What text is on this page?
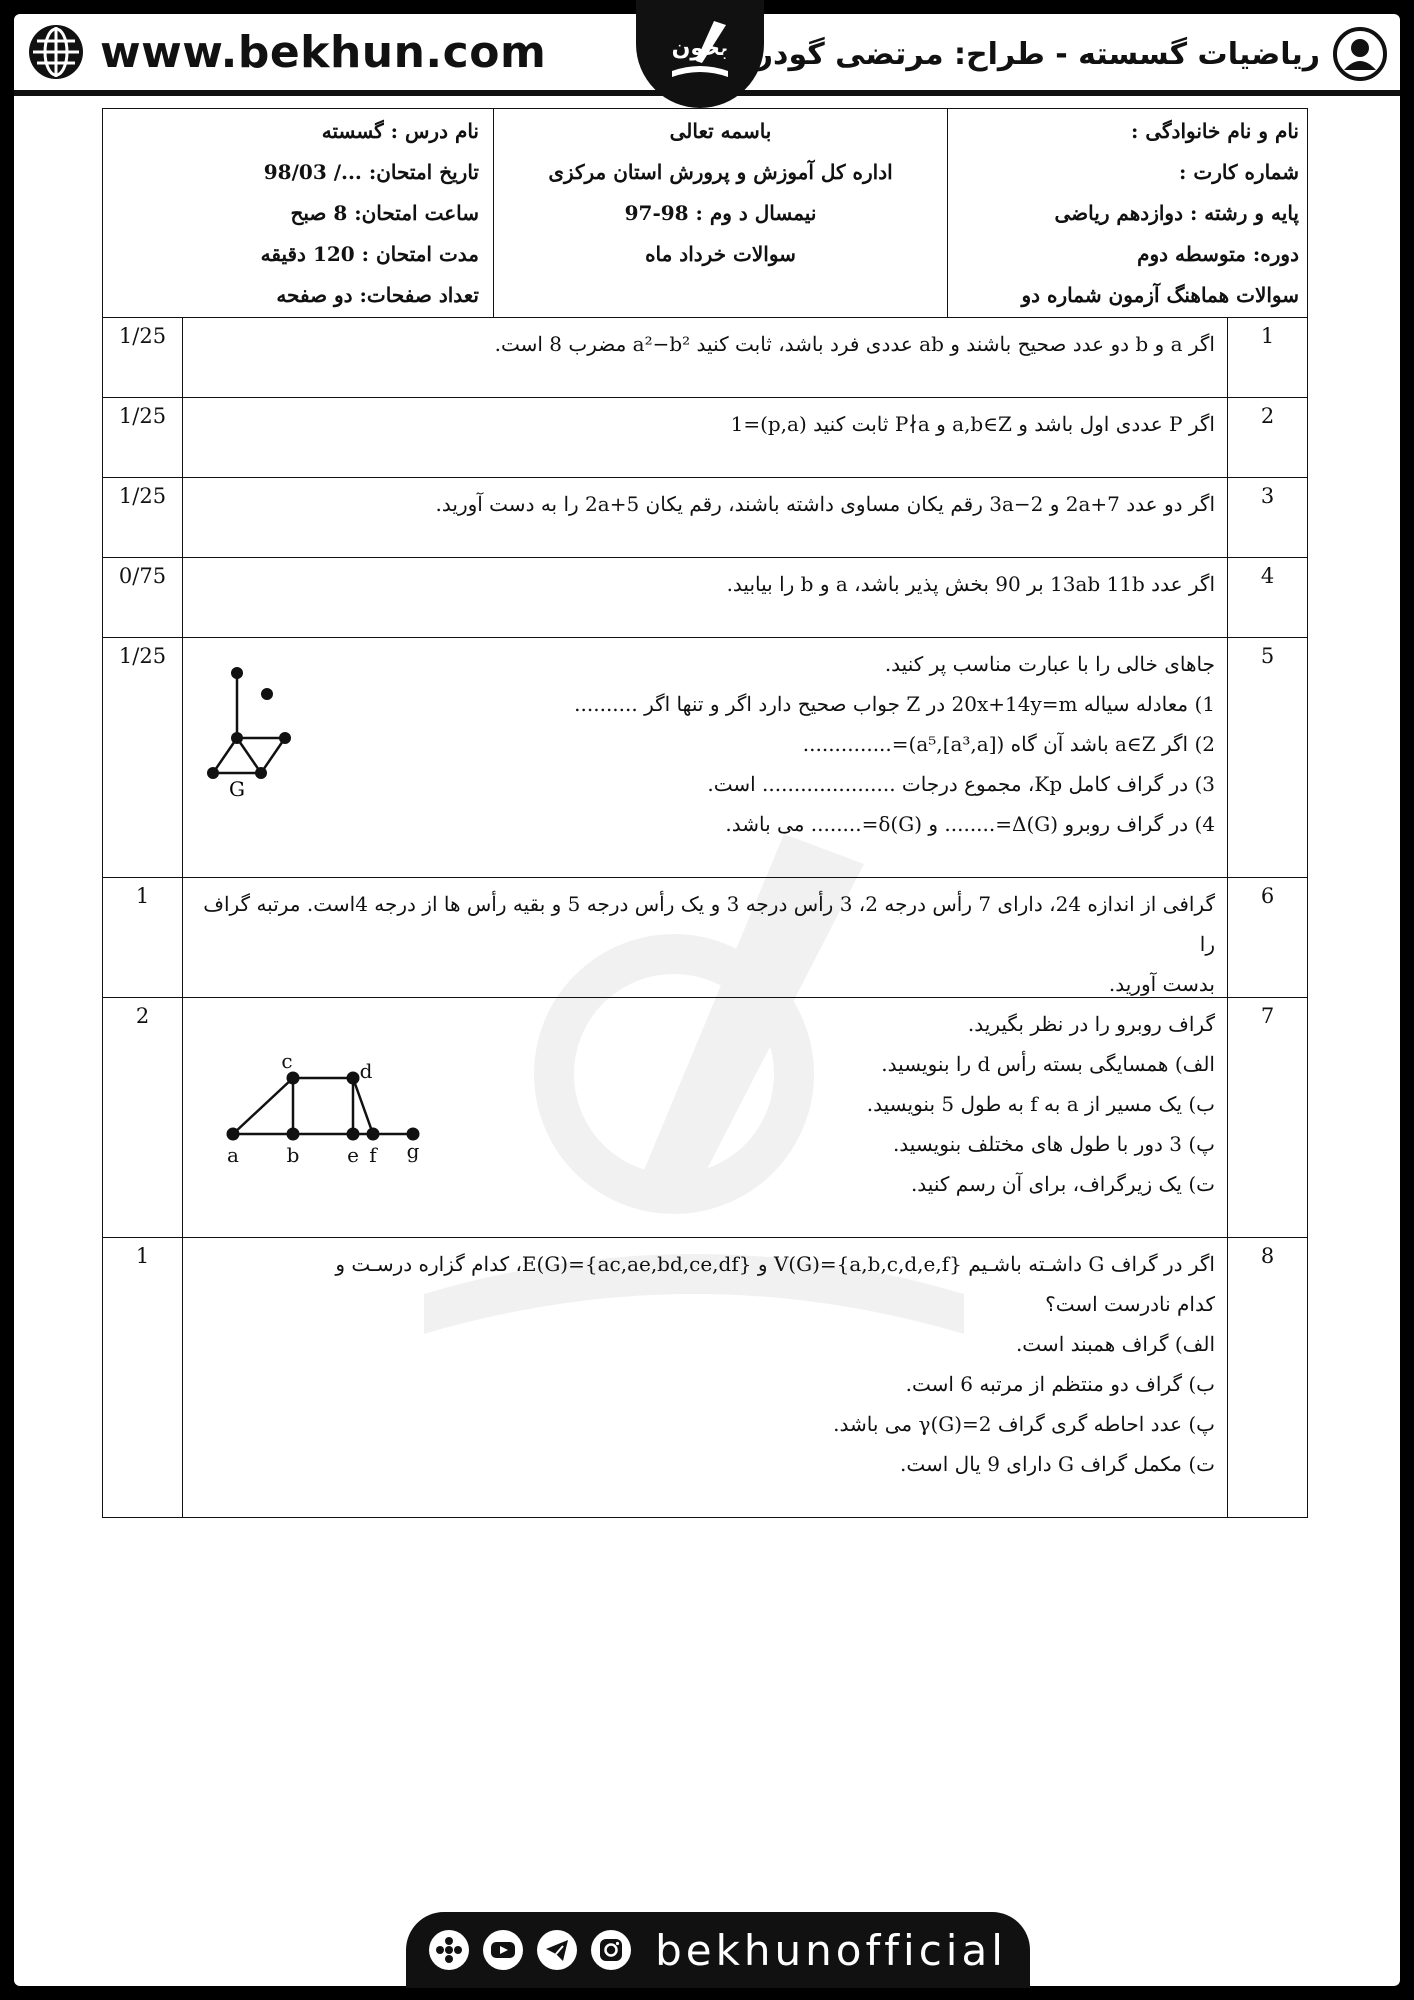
www.bekhun.com	بخون
ریاضیات گسسته - طراح: مرتضی گودرزی
نام و نام خانوادگی :
شماره کارت :
پایه و رشته : دوازدهم ریاضی
دوره: متوسطه دوم
سوالات هماهنگ آزمون شماره دو
باسمه تعالی
اداره کل آموزش و پرورش استان مرکزی
نیمسال د وم : 98-97
سوالات خرداد ماه
نام درس : گسسته
تاریخ امتحان: .../ 98/03
ساعت امتحان: 8 صبح
مدت امتحان : 120 دقیقه
تعداد صفحات: دو صفحه
1
اگر a و b دو عدد صحیح باشند و ab عددی فرد باشد، ثابت کنید a²−b² مضرب 8 است.
1/25
2
اگر P عددی اول باشد و a,b∈Z و P∤a ثابت کنید (p,a)=1
1/25
3
اگر دو عدد 2a+7 و 3a−2 رقم یکان مساوی داشته باشند، رقم یکان 2a+5 را به دست آورید.
1/25
4
اگر عدد 13ab 11b بر 90 بخش پذیر باشد، a و b را بیابید.
0/75
5
جاهای خالی را با عبارت مناسب پر کنید.
1) معادله سیاله 20x+14y=m در Z جواب صحیح دارد اگر و تنها اگر ..........
2) اگر a∈Z باشد آن گاه ([a³,a],a⁵)=..............
3) در گراف کامل Kp، مجموع درجات ..................... است.
4) در گراف روبرو Δ(G)=........ و δ(G)=........ می باشد.
G
1/25
6
گرافی از اندازه 24، دارای 7 رأس درجه 2، 3 رأس درجه 3 و یک رأس درجه 5 و بقیه رأس ها از درجه 4است. مرتبه گراف را
بدست آورید.
1
7
گراف روبرو را در نظر بگیرید.
الف) همسایگی بسته رأس d را بنویسید.
ب) یک مسیر از a به f به طول 5 بنویسید.
پ) 3 دور با طول های مختلف بنویسید.
ت) یک زیرگراف، برای آن رسم کنید.
a b
c	d
e f g
2
8
اگر در گراف G داشـته باشـیم V(G)={a,b,c,d,e,f} و E(G)={ac,ae,bd,ce,df}، کدام گزاره درسـت و
کدام نادرست است؟
الف) گراف همبند است.
ب) گراف دو منتظم از مرتبه 6 است.
پ) عدد احاطه گری گراف γ(G)=2 می باشد.
ت) مکمل گراف G دارای 9 یال است.
1
bekhunofficial
